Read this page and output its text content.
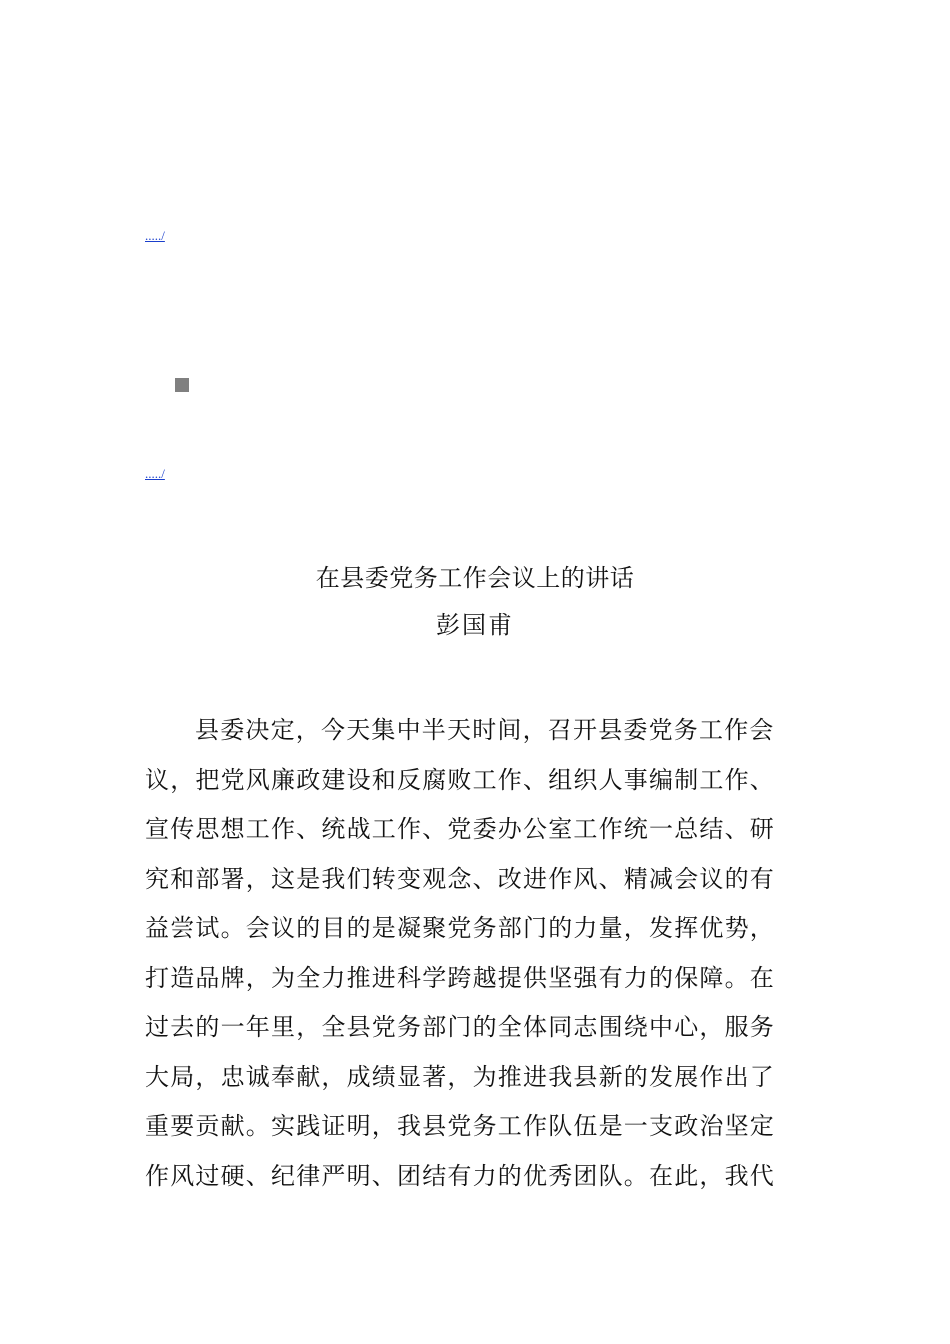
...../
...../
在县委党务工作会议上的讲话
彭国甫
县委决定，今天集中半天时间，召开县委党务工作会
议，把党风廉政建设和反腐败工作、组织人事编制工作、
宣传思想工作、统战工作、党委办公室工作统一总结、研
究和部署，这是我们转变观念、改进作风、精减会议的有
益尝试。会议的目的是凝聚党务部门的力量，发挥优势，
打造品牌，为全力推进科学跨越提供坚强有力的保障。在
过去的一年里，全县党务部门的全体同志围绕中心，服务
大局，忠诚奉献，成绩显著，为推进我县新的发展作出了
重要贡献。实践证明，我县党务工作队伍是一支政治坚定
作风过硬、纪律严明、团结有力的优秀团队。在此，我代
